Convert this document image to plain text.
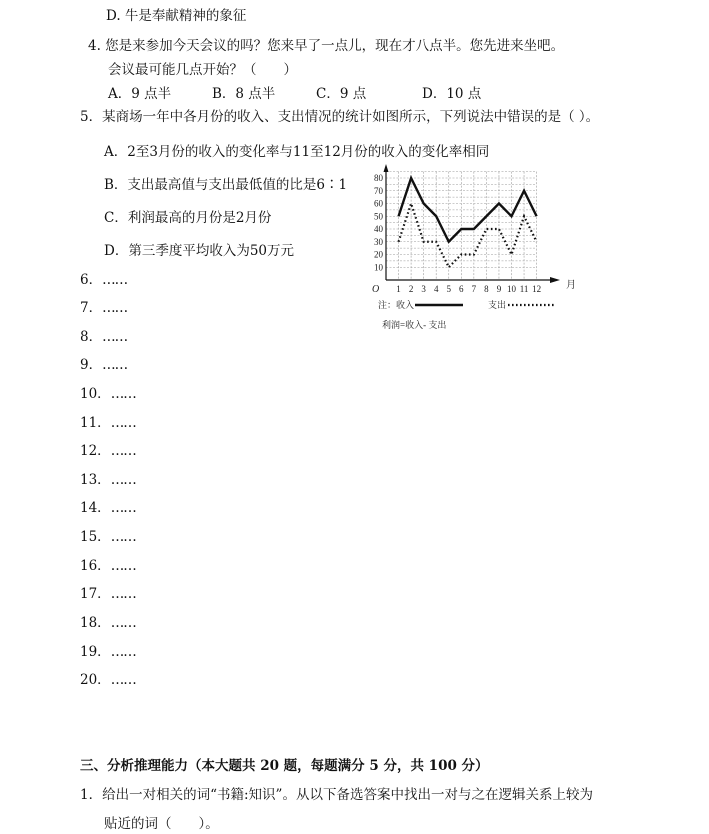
D. 牛是奉献精神的象征
4. 您是来参加今天会议的吗？您来早了一点儿，现在才八点半。您先进来坐吧。
会议最可能几点开始？（　　）
A．9 点半	B．8 点半	C．9 点	D．10 点
5．某商场一年中各月份的收入、支出情况的统计如图所示，下列说法中错误的是（ ）。
A．2至3月份的收入的变化率与11至12月份的收入的变化率相同
B．支出最高值与支出最低值的比是6∶1
C．利润最高的月份是2月份
D．第三季度平均收入为50万元
10
20
30
40
50
60
70
80
1 2 3 4 5 6 7 8 9 10 11 12
O	月
注： 收入	支出
利润=收入- 支出
6．……
7．……
8．……
9．……
10．……
11．……
12．……
13．……
14．……
15．……
16．……
17．……
18．……
19．……
20．……
三、分析推理能力（本大题共 20 题，每题满分 5 分，共 100 分）
1．给出一对相关的词“书籍:知识”。从以下备选答案中找出一对与之在逻辑关系上较为
贴近的词（　　）。
